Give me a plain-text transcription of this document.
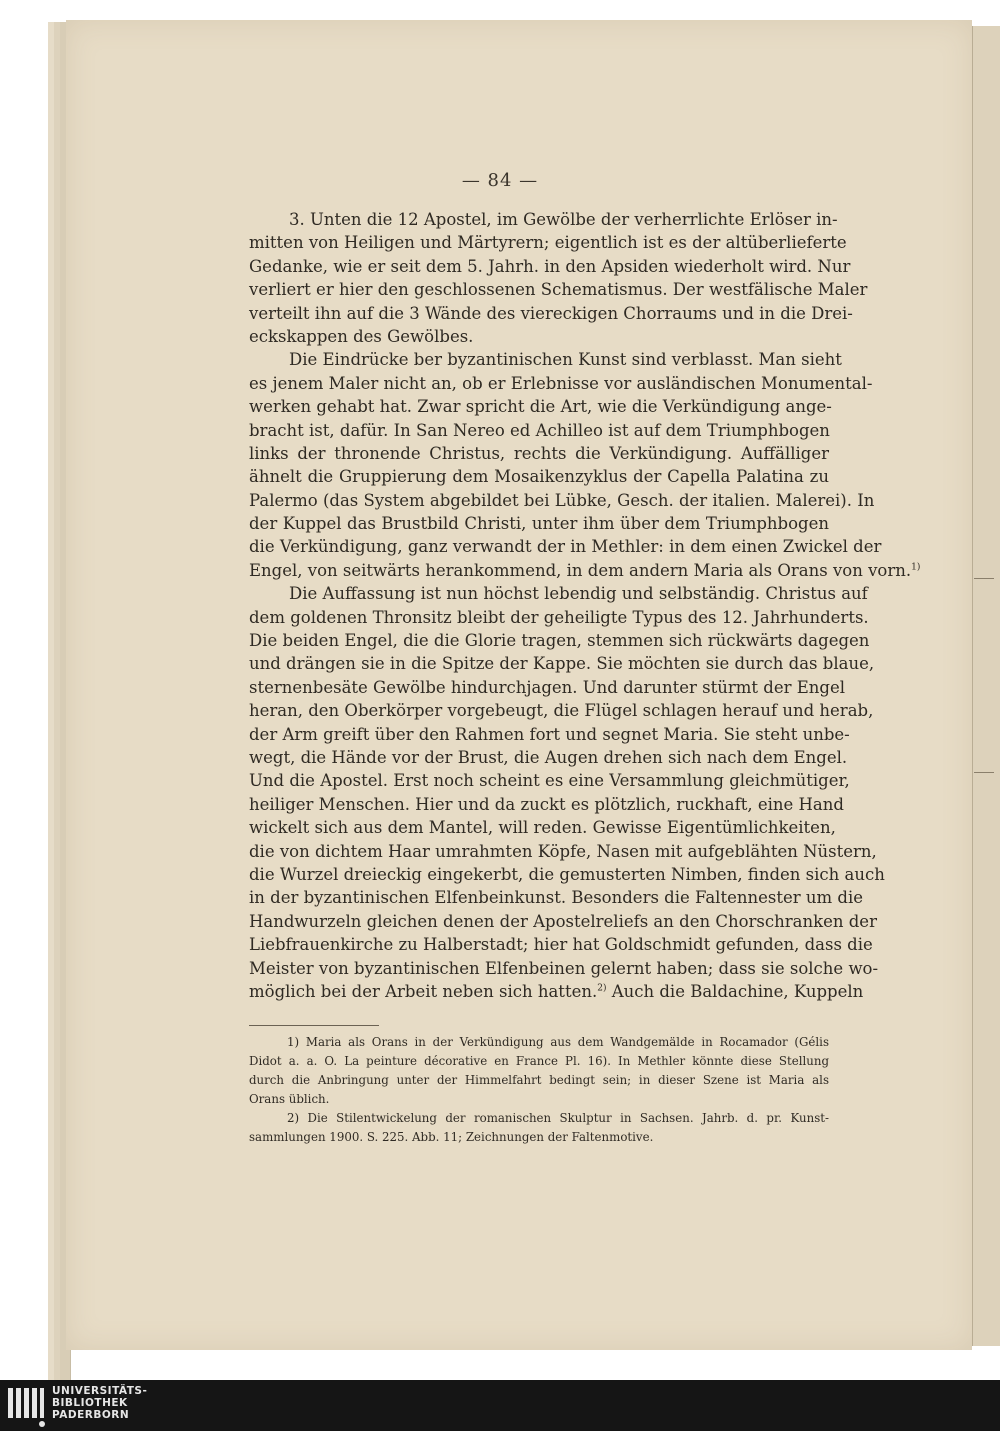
— 84 —
3. Unten die 12 Apostel, im Gewölbe der verherrlichte Erlöser in-
mitten von Heiligen und Märtyrern; eigentlich ist es der altüberlieferte
Gedanke, wie er seit dem 5. Jahrh. in den Apsiden wiederholt wird. Nur
verliert er hier den geschlossenen Schematismus. Der westfälische Maler
verteilt ihn auf die 3 Wände des viereckigen Chorraums und in die Drei-
eckskappen des Gewölbes.
Die Eindrücke ber byzantinischen Kunst sind verblasst. Man sieht
es jenem Maler nicht an, ob er Erlebnisse vor ausländischen Monumental-
werken gehabt hat. Zwar spricht die Art, wie die Verkündigung ange-
bracht ist, dafür. In San Nereo ed Achilleo ist auf dem Triumphbogen
links der thronende Christus, rechts die Verkündigung. Auffälliger
ähnelt die Gruppierung dem Mosaikenzyklus der Capella Palatina zu
Palermo (das System abgebildet bei Lübke, Gesch. der italien. Malerei). In
der Kuppel das Brustbild Christi, unter ihm über dem Triumphbogen
die Verkündigung, ganz verwandt der in Methler: in dem einen Zwickel der
Engel, von seitwärts herankommend, in dem andern Maria als Orans von vorn.$^{1)}$
Die Auffassung ist nun höchst lebendig und selbständig. Christus auf
dem goldenen Thronsitz bleibt der geheiligte Typus des 12. Jahrhunderts.
Die beiden Engel, die die Glorie tragen, stemmen sich rückwärts dagegen
und drängen sie in die Spitze der Kappe. Sie möchten sie durch das blaue,
sternenbesäte Gewölbe hindurchjagen. Und darunter stürmt der Engel
heran, den Oberkörper vorgebeugt, die Flügel schlagen herauf und herab,
der Arm greift über den Rahmen fort und segnet Maria. Sie steht unbe-
wegt, die Hände vor der Brust, die Augen drehen sich nach dem Engel.
Und die Apostel. Erst noch scheint es eine Versammlung gleichmütiger,
heiliger Menschen. Hier und da zuckt es plötzlich, ruckhaft, eine Hand
wickelt sich aus dem Mantel, will reden. Gewisse Eigentümlichkeiten,
die von dichtem Haar umrahmten Köpfe, Nasen mit aufgeblähten Nüstern,
die Wurzel dreieckig eingekerbt, die gemusterten Nimben, finden sich auch
in der byzantinischen Elfenbeinkunst. Besonders die Faltennester um die
Handwurzeln gleichen denen der Apostelreliefs an den Chorschranken der
Liebfrauenkirche zu Halberstadt; hier hat Goldschmidt gefunden, dass die
Meister von byzantinischen Elfenbeinen gelernt haben; dass sie solche wo-
möglich bei der Arbeit neben sich hatten.$^{2)}$ Auch die Baldachine, Kuppeln
1) Maria als Orans in der Verkündigung aus dem Wandgemälde in Rocamador (Gélis
Didot a. a. O. La peinture décorative en France Pl. 16). In Methler könnte diese Stellung
durch die Anbringung unter der Himmelfahrt bedingt sein; in dieser Szene ist Maria als
Orans üblich.
2) Die Stilentwickelung der romanischen Skulptur in Sachsen. Jahrb. d. pr. Kunst-
sammlungen 1900. S. 225. Abb. 11; Zeichnungen der Faltenmotive.
UNIVERSITÄTS-
BIBLIOTHEK
PADERBORN
